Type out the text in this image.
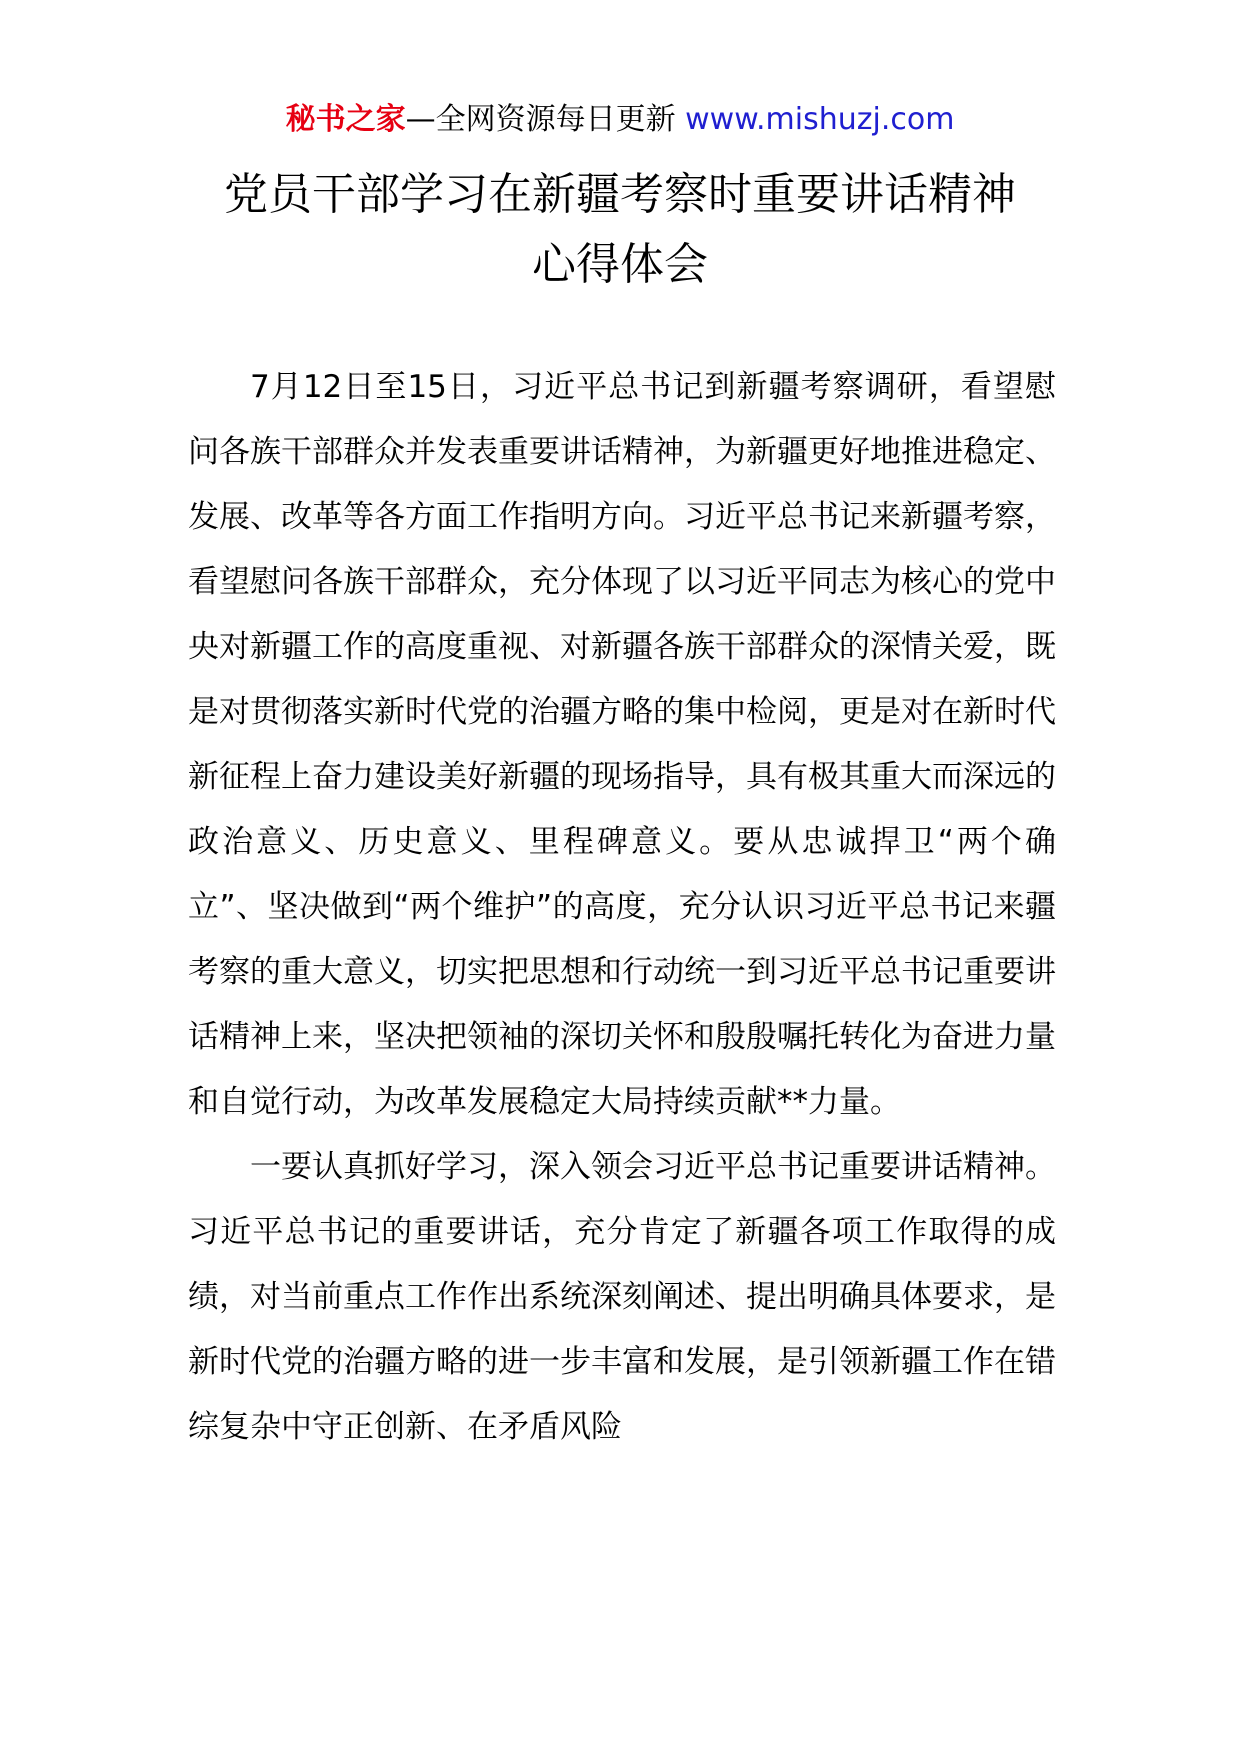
秘书之家—全网资源每日更新 www.mishuzj.com
党员干部学习在新疆考察时重要讲话精神
心得体会

7月12日至15日，习近平总书记到新疆考察调研，看望慰问各族干部群众并发表重要讲话精神，为新疆更好地推进稳定、发展、改革等各方面工作指明方向。习近平总书记来新疆考察，看望慰问各族干部群众，充分体现了以习近平同志为核心的党中央对新疆工作的高度重视、对新疆各族干部群众的深情关爱，既是对贯彻落实新时代党的治疆方略的集中检阅，更是对在新时代新征程上奋力建设美好新疆的现场指导，具有极其重大而深远的政治意义、历史意义、里程碑意义。要从忠诚捍卫“两个确立”、坚决做到“两个维护”的高度，充分认识习近平总书记来疆考察的重大意义，切实把思想和行动统一到习近平总书记重要讲话精神上来，坚决把领袖的深切关怀和殷殷嘱托转化为奋进力量和自觉行动，为改革发展稳定大局持续贡献**力量。

一要认真抓好学习，深入领会习近平总书记重要讲话精神。习近平总书记的重要讲话，充分肯定了新疆各项工作取得的成绩，对当前重点工作作出系统深刻阐述、提出明确具体要求，是新时代党的治疆方略的进一步丰富和发展，是引领新疆工作在错综复杂中守正创新、在矛盾风险
